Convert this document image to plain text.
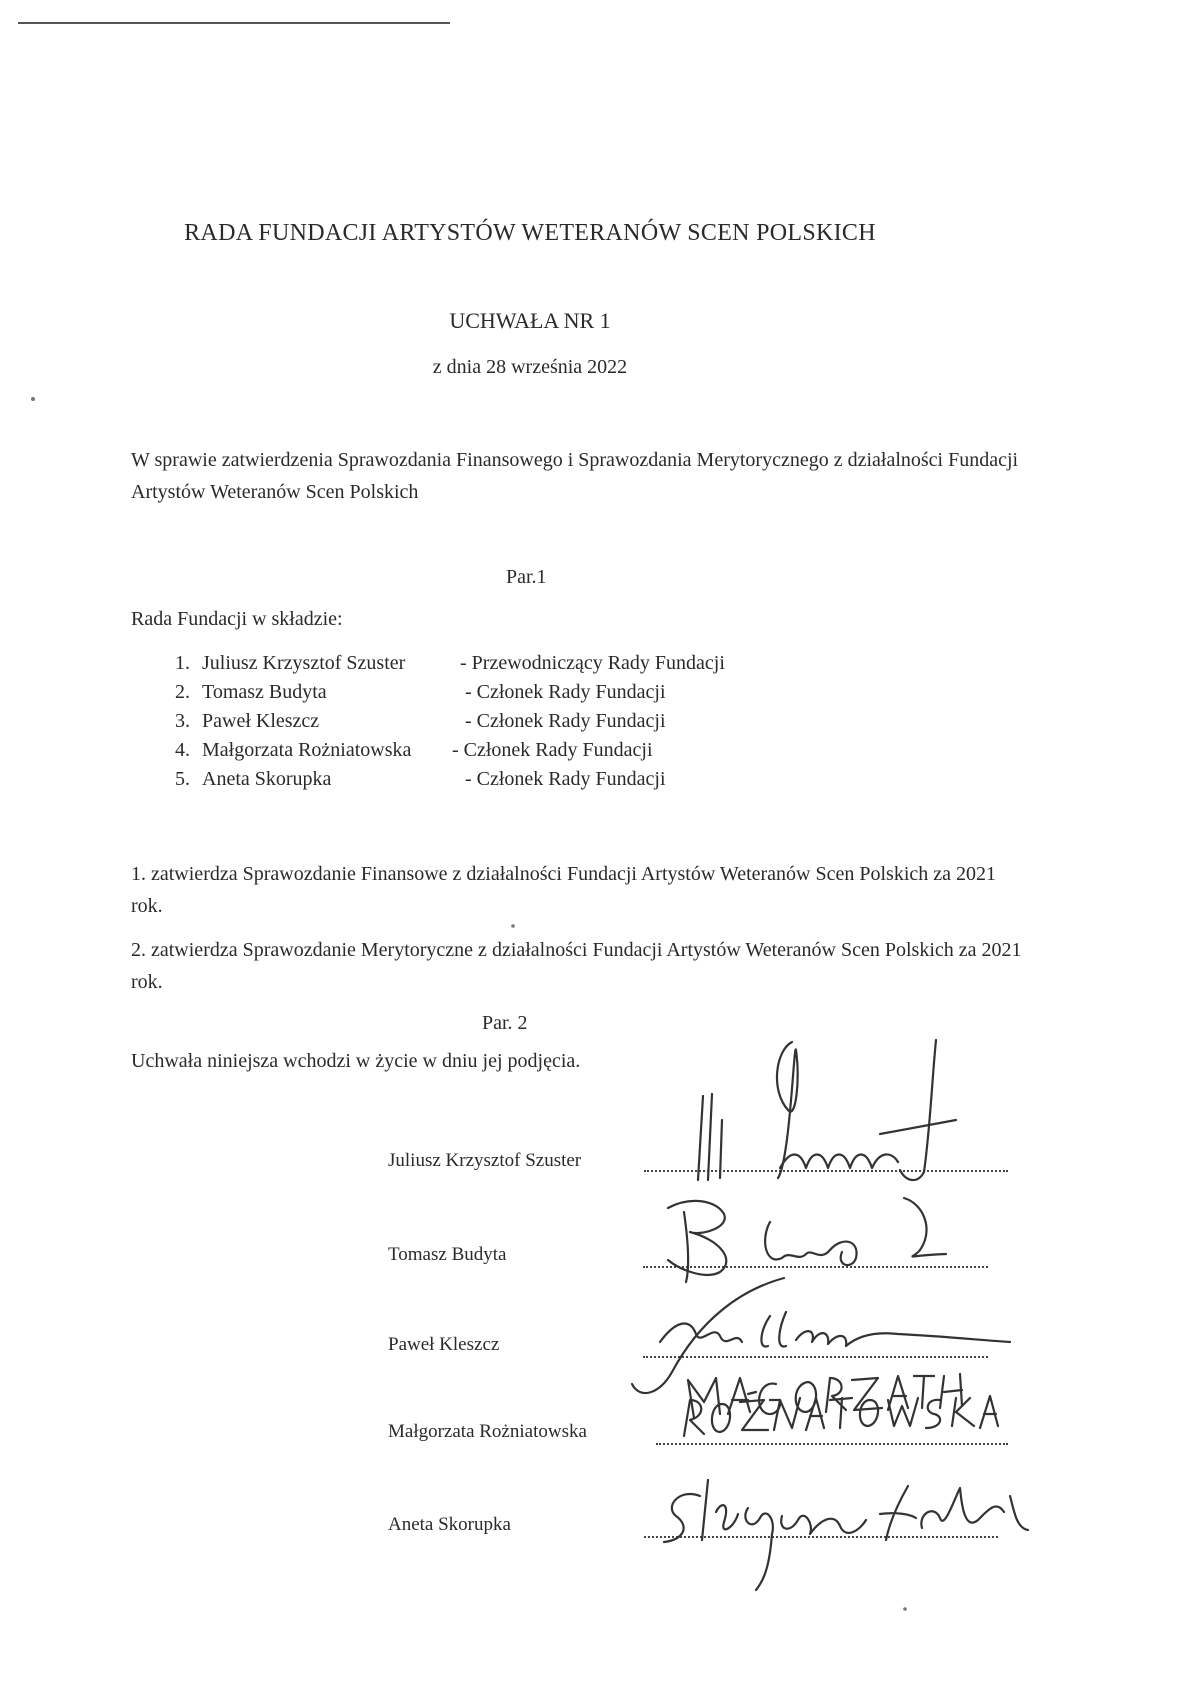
RADA FUNDACJI ARTYSTÓW WETERANÓW SCEN POLSKICH
UCHWAŁA NR 1
z dnia 28 września 2022
W sprawie zatwierdzenia Sprawozdania Finansowego i Sprawozdania Merytorycznego z działalności Fundacji Artystów Weteranów Scen Polskich
Par.1
Rada Fundacji w składzie:
1. Juliusz Krzysztof Szuster	- Przewodniczący Rady Fundacji
2. Tomasz Budyta	- Członek Rady Fundacji
3. Paweł Kleszcz	- Członek Rady Fundacji
4. Małgorzata Rożniatowska - Członek Rady Fundacji
5. Aneta Skorupka	- Członek Rady Fundacji
1. zatwierdza Sprawozdanie Finansowe z działalności Fundacji Artystów Weteranów Scen Polskich za 2021 rok.
2. zatwierdza Sprawozdanie Merytoryczne z działalności Fundacji Artystów Weteranów Scen Polskich za 2021 rok.
Par. 2
Uchwała niniejsza wchodzi w życie w dniu jej podjęcia.
Juliusz Krzysztof Szuster
Tomasz Budyta
Paweł Kleszcz
Małgorzata Rożniatowska
Aneta Skorupka
